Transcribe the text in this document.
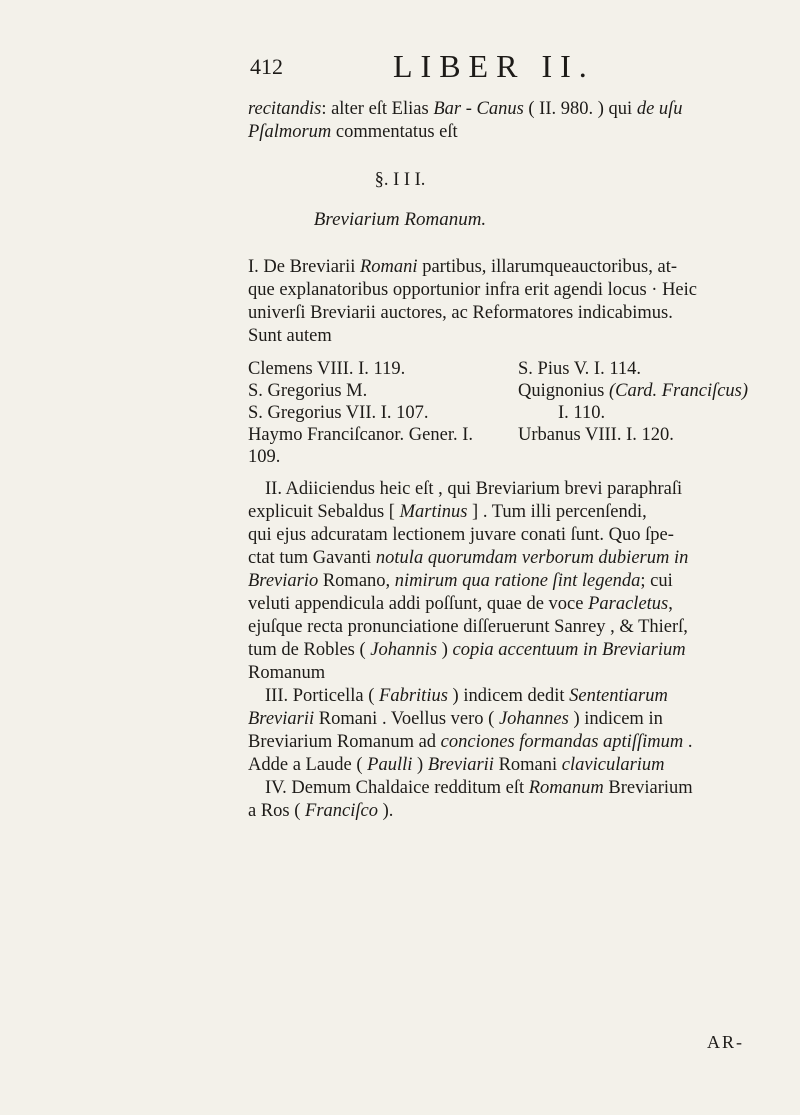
412	LIBER II.
recitandis: alter eſt Elias Bar - Canus ( II. 980. ) qui de uſu
Pſalmorum commentatus eſt
§. I I I.
Breviarium Romanum.
I. De Breviarii Romani partibus, illarumqueauctoribus, at-
que explanatoribus opportunior infra erit agendi locus · Heic
univerſi Breviarii auctores, ac Reformatores indicabimus.
Sunt autem
Clemens VIII. I. 119.
S. Gregorius M.
S. Gregorius VII. I. 107.
Haymo Franciſcanor. Gener. I.
109.
S. Pius V. I. 114.
Quignonius (Card. Franciſcus)
I. 110.
Urbanus VIII. I. 120.
II. Adiiciendus heic eſt , qui Breviarium brevi paraphraſi
explicuit Sebaldus [ Martinus ] . Tum illi percenſendi,
qui ejus adcuratam lectionem juvare conati ſunt. Quo ſpe-
ctat tum Gavanti notula quorumdam verborum dubierum in
Breviario Romano, nimirum qua ratione ſint legenda; cui
veluti appendicula addi poſſunt, quae de voce Paracletus,
ejuſque recta pronunciatione diſſeruerunt Sanrey , & Thierſ,
tum de Robles ( Johannis ) copia accentuum in Breviarium
Romanum
III. Porticella ( Fabritius ) indicem dedit Sententiarum
Breviarii Romani . Voellus vero ( Johannes ) indicem in
Breviarium Romanum ad conciones formandas aptiſſimum .
Adde a Laude ( Paulli ) Breviarii Romani clavicularium
IV. Demum Chaldaice redditum eſt Romanum Breviarium
a Ros ( Franciſco ).
AR-
